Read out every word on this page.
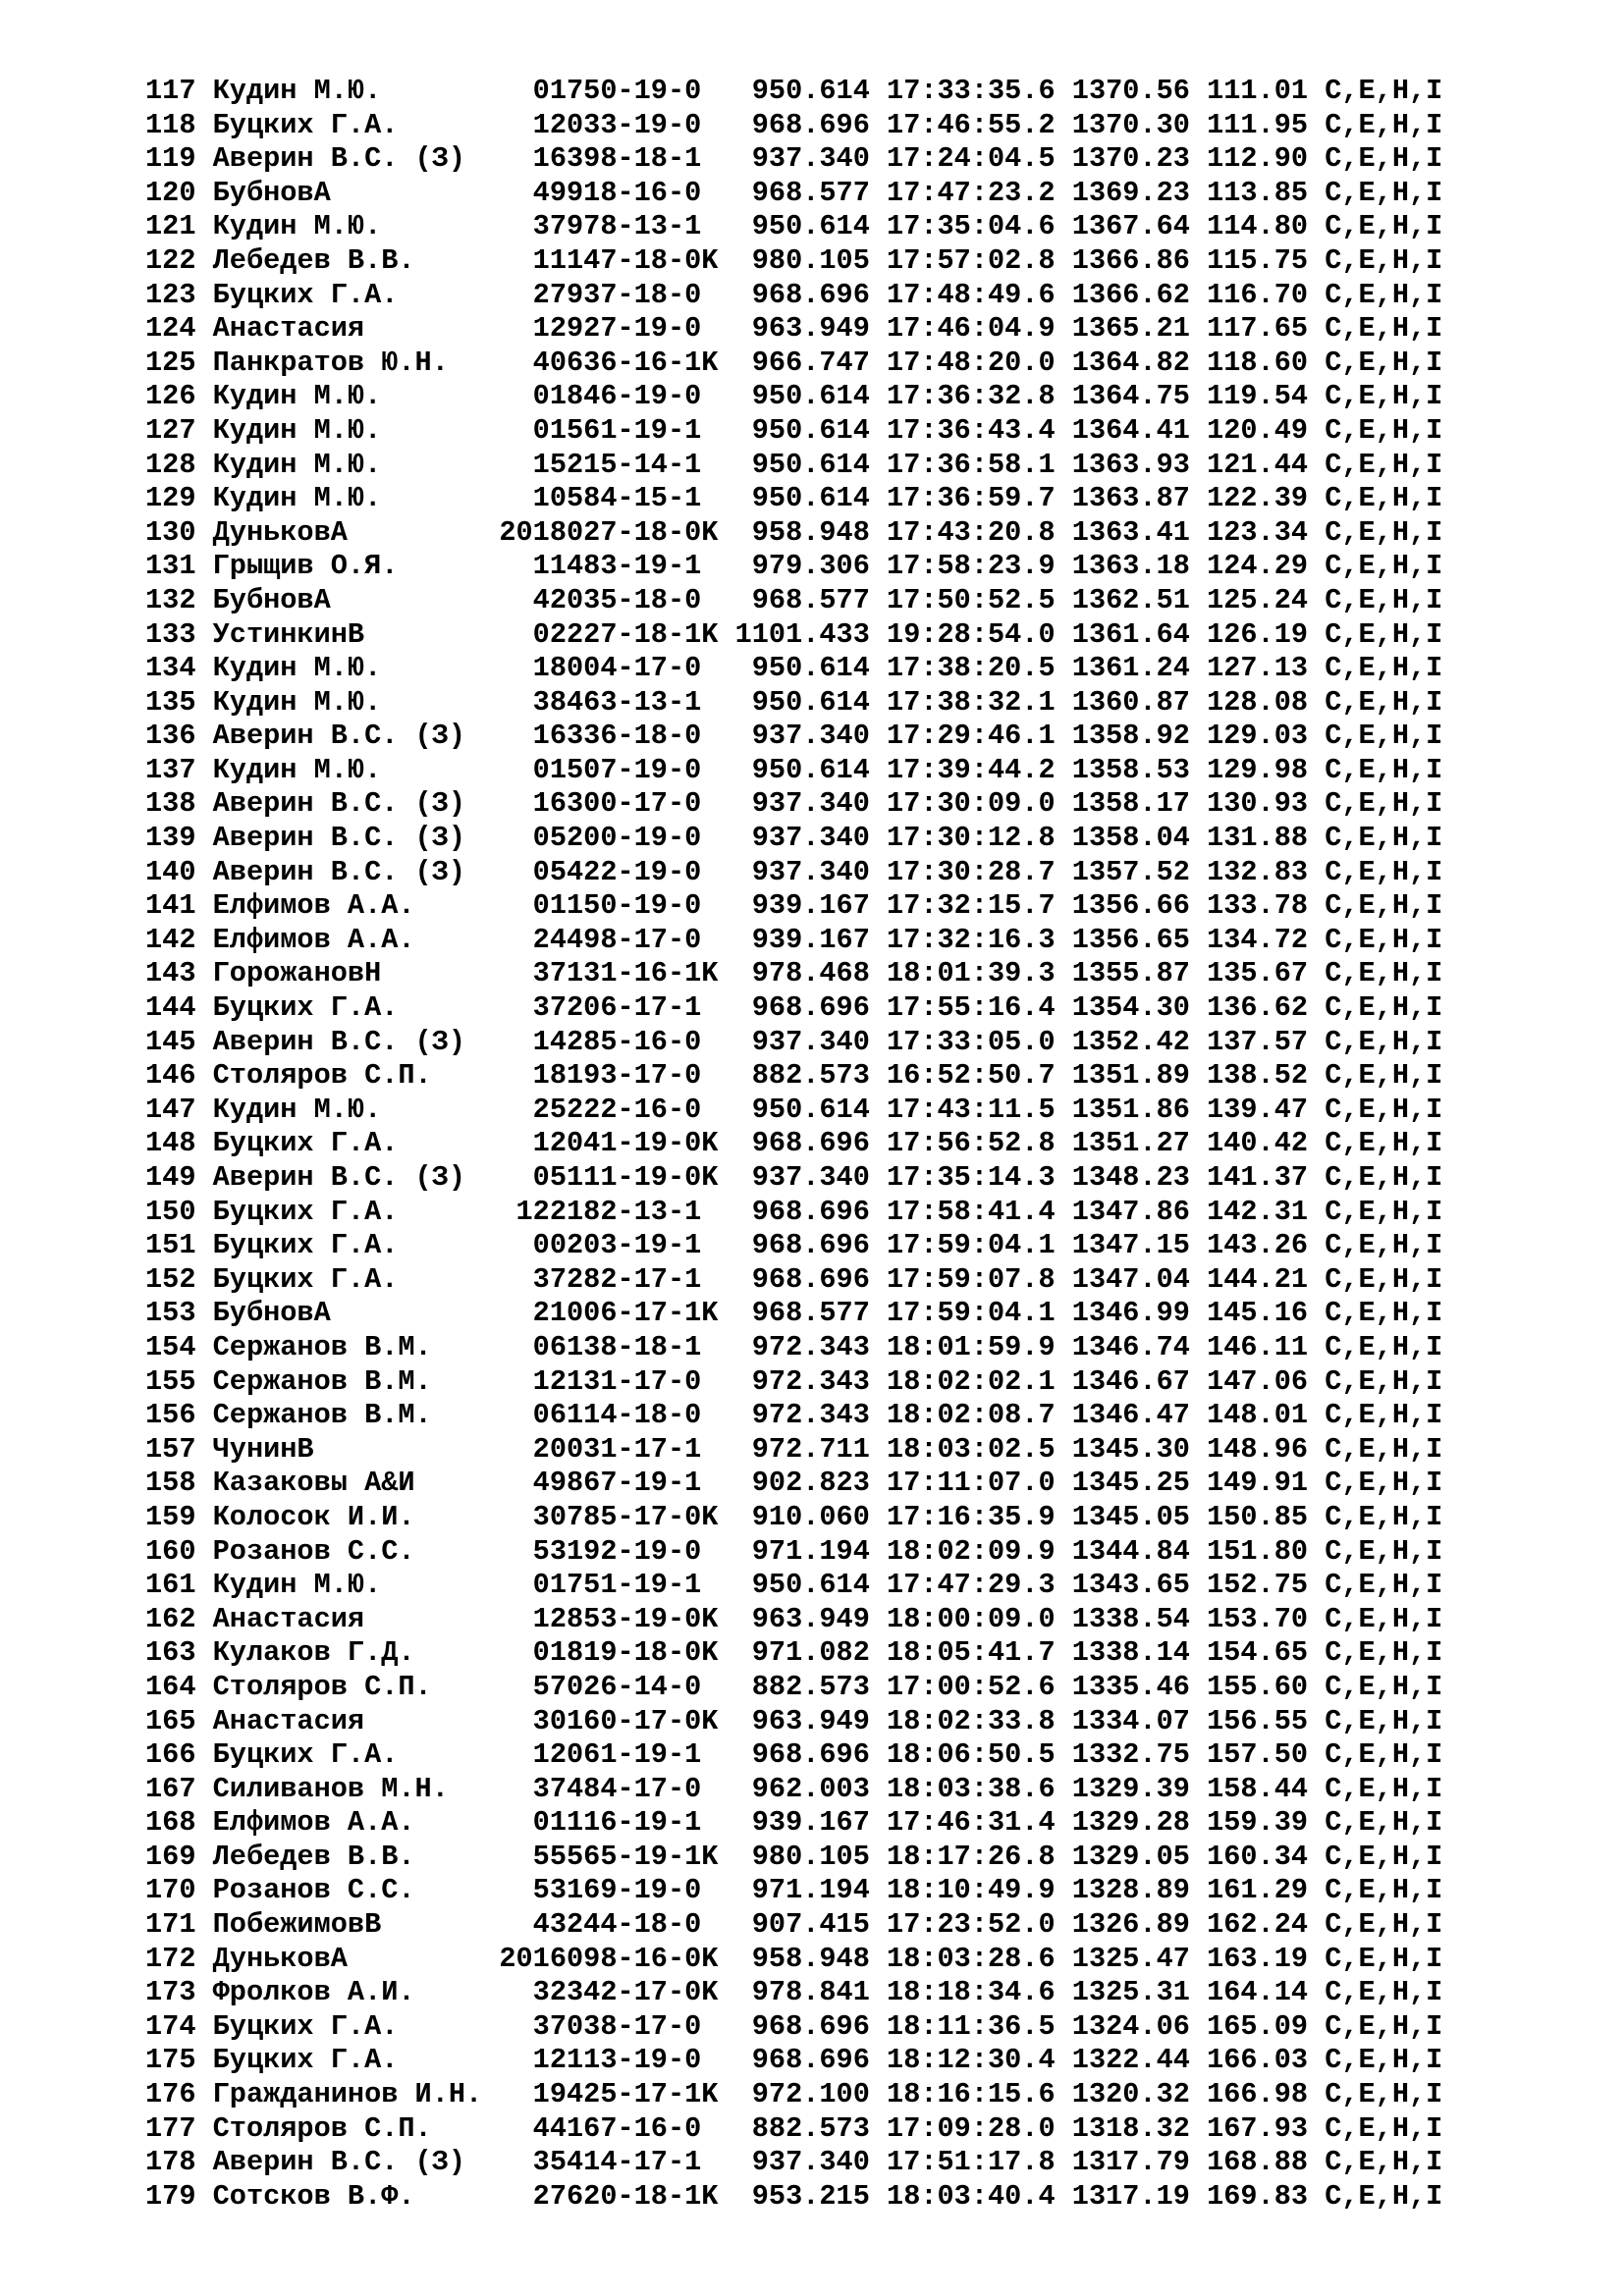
117 Кудин М.Ю.         01750-19-0   950.614 17:33:35.6 1370.56 111.01 C,E,H,I
118 Буцких Г.А.        12033-19-0   968.696 17:46:55.2 1370.30 111.95 C,E,H,I
119 Аверин В.С. (З)    16398-18-1   937.340 17:24:04.5 1370.23 112.90 C,E,H,I
120 БубновА            49918-16-0   968.577 17:47:23.2 1369.23 113.85 C,E,H,I
121 Кудин М.Ю.         37978-13-1   950.614 17:35:04.6 1367.64 114.80 C,E,H,I
122 Лебедев В.В.       11147-18-0K  980.105 17:57:02.8 1366.86 115.75 C,E,H,I
123 Буцких Г.А.        27937-18-0   968.696 17:48:49.6 1366.62 116.70 C,E,H,I
124 Анастасия          12927-19-0   963.949 17:46:04.9 1365.21 117.65 C,E,H,I
125 Панкратов Ю.Н.     40636-16-1K  966.747 17:48:20.0 1364.82 118.60 C,E,H,I
126 Кудин М.Ю.         01846-19-0   950.614 17:36:32.8 1364.75 119.54 C,E,H,I
127 Кудин М.Ю.         01561-19-1   950.614 17:36:43.4 1364.41 120.49 C,E,H,I
128 Кудин М.Ю.         15215-14-1   950.614 17:36:58.1 1363.93 121.44 C,E,H,I
129 Кудин М.Ю.         10584-15-1   950.614 17:36:59.7 1363.87 122.39 C,E,H,I
130 ДуньковА         2018027-18-0K  958.948 17:43:20.8 1363.41 123.34 C,E,H,I
131 Грыщив О.Я.        11483-19-1   979.306 17:58:23.9 1363.18 124.29 C,E,H,I
132 БубновА            42035-18-0   968.577 17:50:52.5 1362.51 125.24 C,E,H,I
133 УстинкинВ          02227-18-1K 1101.433 19:28:54.0 1361.64 126.19 C,E,H,I
134 Кудин М.Ю.         18004-17-0   950.614 17:38:20.5 1361.24 127.13 C,E,H,I
135 Кудин М.Ю.         38463-13-1   950.614 17:38:32.1 1360.87 128.08 C,E,H,I
136 Аверин В.С. (З)    16336-18-0   937.340 17:29:46.1 1358.92 129.03 C,E,H,I
137 Кудин М.Ю.         01507-19-0   950.614 17:39:44.2 1358.53 129.98 C,E,H,I
138 Аверин В.С. (З)    16300-17-0   937.340 17:30:09.0 1358.17 130.93 C,E,H,I
139 Аверин В.С. (З)    05200-19-0   937.340 17:30:12.8 1358.04 131.88 C,E,H,I
140 Аверин В.С. (З)    05422-19-0   937.340 17:30:28.7 1357.52 132.83 C,E,H,I
141 Елфимов А.А.       01150-19-0   939.167 17:32:15.7 1356.66 133.78 C,E,H,I
142 Елфимов А.А.       24498-17-0   939.167 17:32:16.3 1356.65 134.72 C,E,H,I
143 ГорожановН         37131-16-1K  978.468 18:01:39.3 1355.87 135.67 C,E,H,I
144 Буцких Г.А.        37206-17-1   968.696 17:55:16.4 1354.30 136.62 C,E,H,I
145 Аверин В.С. (З)    14285-16-0   937.340 17:33:05.0 1352.42 137.57 C,E,H,I
146 Столяров С.П.      18193-17-0   882.573 16:52:50.7 1351.89 138.52 C,E,H,I
147 Кудин М.Ю.         25222-16-0   950.614 17:43:11.5 1351.86 139.47 C,E,H,I
148 Буцких Г.А.        12041-19-0K  968.696 17:56:52.8 1351.27 140.42 C,E,H,I
149 Аверин В.С. (З)    05111-19-0K  937.340 17:35:14.3 1348.23 141.37 C,E,H,I
150 Буцких Г.А.       122182-13-1   968.696 17:58:41.4 1347.86 142.31 C,E,H,I
151 Буцких Г.А.        00203-19-1   968.696 17:59:04.1 1347.15 143.26 C,E,H,I
152 Буцких Г.А.        37282-17-1   968.696 17:59:07.8 1347.04 144.21 C,E,H,I
153 БубновА            21006-17-1K  968.577 17:59:04.1 1346.99 145.16 C,E,H,I
154 Сержанов В.М.      06138-18-1   972.343 18:01:59.9 1346.74 146.11 C,E,H,I
155 Сержанов В.М.      12131-17-0   972.343 18:02:02.1 1346.67 147.06 C,E,H,I
156 Сержанов В.М.      06114-18-0   972.343 18:02:08.7 1346.47 148.01 C,E,H,I
157 ЧунинВ             20031-17-1   972.711 18:03:02.5 1345.30 148.96 C,E,H,I
158 Казаковы А&И       49867-19-1   902.823 17:11:07.0 1345.25 149.91 C,E,H,I
159 Колосок И.И.       30785-17-0K  910.060 17:16:35.9 1345.05 150.85 C,E,H,I
160 Розанов С.С.       53192-19-0   971.194 18:02:09.9 1344.84 151.80 C,E,H,I
161 Кудин М.Ю.         01751-19-1   950.614 17:47:29.3 1343.65 152.75 C,E,H,I
162 Анастасия          12853-19-0K  963.949 18:00:09.0 1338.54 153.70 C,E,H,I
163 Кулаков Г.Д.       01819-18-0K  971.082 18:05:41.7 1338.14 154.65 C,E,H,I
164 Столяров С.П.      57026-14-0   882.573 17:00:52.6 1335.46 155.60 C,E,H,I
165 Анастасия          30160-17-0K  963.949 18:02:33.8 1334.07 156.55 C,E,H,I
166 Буцких Г.А.        12061-19-1   968.696 18:06:50.5 1332.75 157.50 C,E,H,I
167 Силиванов М.Н.     37484-17-0   962.003 18:03:38.6 1329.39 158.44 C,E,H,I
168 Елфимов А.А.       01116-19-1   939.167 17:46:31.4 1329.28 159.39 C,E,H,I
169 Лебедев В.В.       55565-19-1K  980.105 18:17:26.8 1329.05 160.34 C,E,H,I
170 Розанов С.С.       53169-19-0   971.194 18:10:49.9 1328.89 161.29 C,E,H,I
171 ПобежимовВ         43244-18-0   907.415 17:23:52.0 1326.89 162.24 C,E,H,I
172 ДуньковА         2016098-16-0K  958.948 18:03:28.6 1325.47 163.19 C,E,H,I
173 Фролков А.И.       32342-17-0K  978.841 18:18:34.6 1325.31 164.14 C,E,H,I
174 Буцких Г.А.        37038-17-0   968.696 18:11:36.5 1324.06 165.09 C,E,H,I
175 Буцких Г.А.        12113-19-0   968.696 18:12:30.4 1322.44 166.03 C,E,H,I
176 Гражданинов И.Н.   19425-17-1K  972.100 18:16:15.6 1320.32 166.98 C,E,H,I
177 Столяров С.П.      44167-16-0   882.573 17:09:28.0 1318.32 167.93 C,E,H,I
178 Аверин В.С. (З)    35414-17-1   937.340 17:51:17.8 1317.79 168.88 C,E,H,I
179 Сотсков В.Ф.       27620-18-1K  953.215 18:03:40.4 1317.19 169.83 C,E,H,I
